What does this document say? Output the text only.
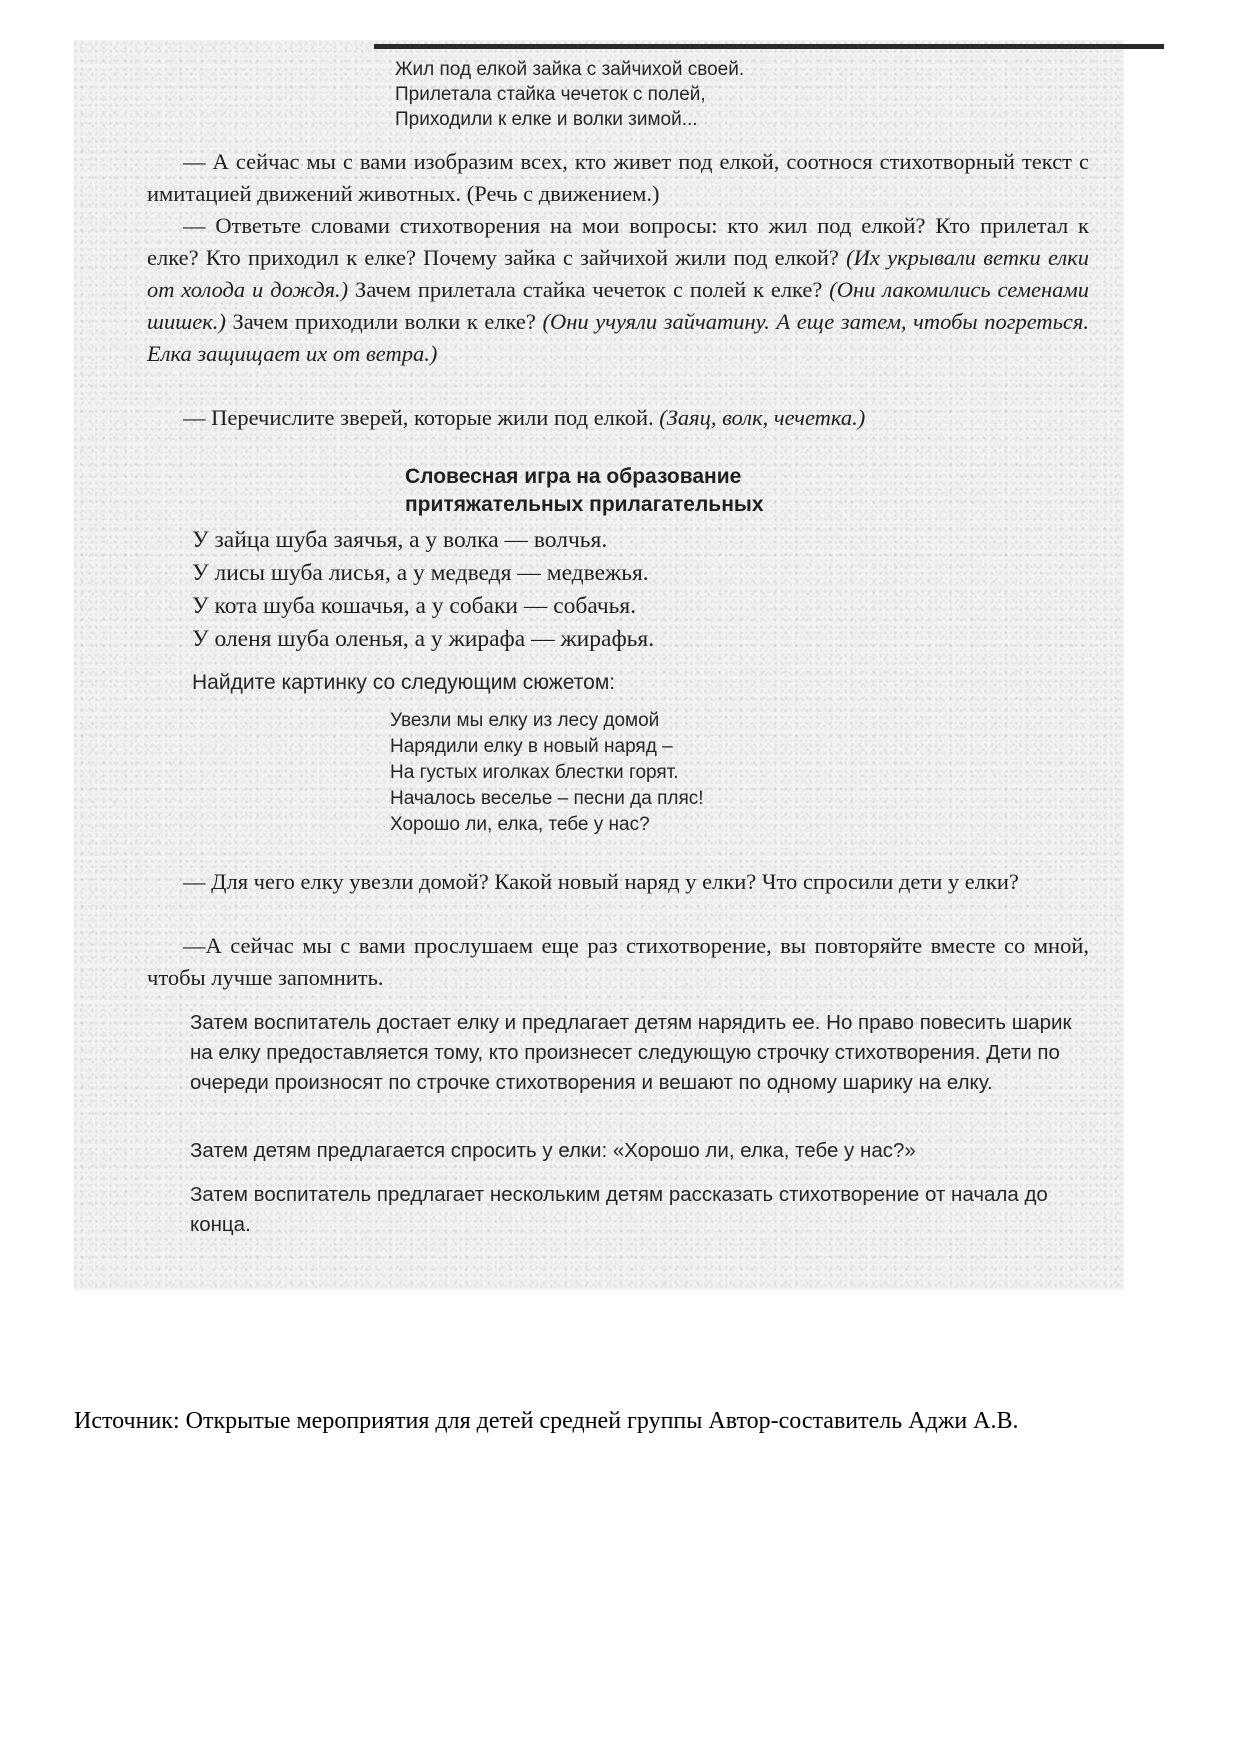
Жил под елкой зайка с зайчихой своей.
Прилетала стайка чечеток с полей,
Приходили к елке и волки зимой...

— А сейчас мы с вами изобразим всех, кто живет под елкой, соотнося стихотворный текст с имитацией движений животных. (Речь с движением.)

— Ответьте словами стихотворения на мои вопросы: кто жил под елкой? Кто прилетал к елке? Кто приходил к елке? Почему зайка с зайчихой жили под елкой? (Их укрывали ветки елки от холода и дождя.) Зачем прилетала стайка чечеток с полей к елке? (Они лакомились семенами шишек.) Зачем приходили волки к елке? (Они учуяли зайчатину. А еще затем, чтобы погреться. Елка защищает их от ветра.)

— Перечислите зверей, которые жили под елкой. (Заяц, волк, чечетка.)

Словесная игра на образование
притяжательных прилагательных
У зайца шуба заячья, а у волка — волчья.
У лисы шуба лисья, а у медведя — медвежья.
У кота шуба кошачья, а у собаки — собачья.
У оленя шуба оленья, а у жирафа — жирафья.
Найдите картинку со следующим сюжетом:
Увезли мы елку из лесу домой
Нарядили елку в новый наряд –
На густых иголках блестки горят.
Началось веселье – песни да пляс!
Хорошо ли, елка, тебе у нас?

— Для чего елку увезли домой? Какой новый наряд у елки? Что спросили дети у елки?

—А сейчас мы с вами прослушаем еще раз стихотворение, вы повторяйте вместе со мной, чтобы лучше запомнить.

Затем воспитатель достает елку и предлагает детям нарядить ее. Но право повесить шарик на елку предоставляется тому, кто произнесет следующую строчку стихотворения. Дети по очереди произносят по строчке стихотворения и вешают по одному шарику на елку.

Затем детям предлагается спросить у елки: «Хорошо ли, елка, тебе у нас?»

Затем воспитатель предлагает нескольким детям рассказать стихотворение от начала до конца.

Источник: Открытые мероприятия для детей средней группы Автор-составитель Аджи А.В.
